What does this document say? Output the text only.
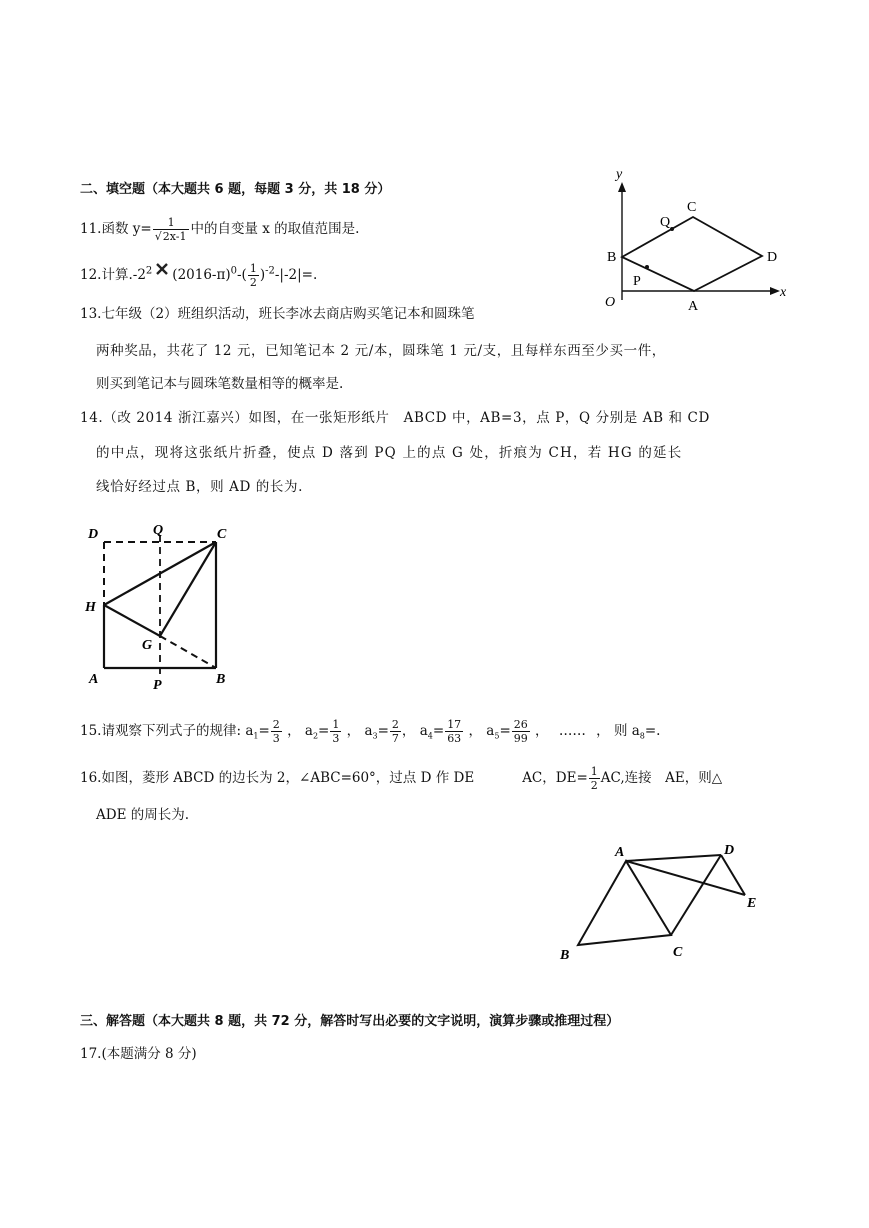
二、填空题（本大题共 6 题，每题 3 分，共 18 分）
11.函数 $y= \frac{1}{√2x-1}$ 中的自变量 x 的取值范围是.
12.计算$.-2^2$ $(2016-\pi)^0-( \frac{1}{2} )^{-2}-|-2|=$.
13.七年级（2）班组织活动，班长李冰去商店购买笔记本和圆珠笔
两种奖品，共花了 12 元，已知笔记本 2 元/本，圆珠笔 1 元/支，且每样东西至少买一件，
则买到笔记本与圆珠笔数量相等的概率是.
14.（改 2014 浙江嘉兴）如图，在一张矩形纸片　ABCD 中，AB=3，点 P，Q 分别是 AB 和 CD
的中点，现将这张纸片折叠，使点 D 落到 PQ 上的点 G 处，折痕为 CH，若 HG 的延长
线恰好经过点 B，则 AD 的长为.
15.请观察下列式子的规律: $a_1= \frac{2}{3}$ ， $a_2= \frac{1}{3}$ ， $a_3= \frac{2}{7}$ ， $a_4= \frac{17}{63}$ ， $a_5= \frac{26}{99}$ ， …… ， 则 $a_8=$.
16.如图，菱形 ABCD 的边长为 2，∠ABC=60°，过点 D 作 DE	AC，$DE= \frac{1}{2}$ AC,连接　AE，则△
ADE 的周长为.
三、解答题（本大题共 8 题，共 72 分，解答时写出必要的文字说明，演算步骤或推理过程）
17.(本题满分 8 分)
y
x
O	A
B
C
D
P
Q
D	Q	C
H
G
A	P	B
A
B	C
D
E
